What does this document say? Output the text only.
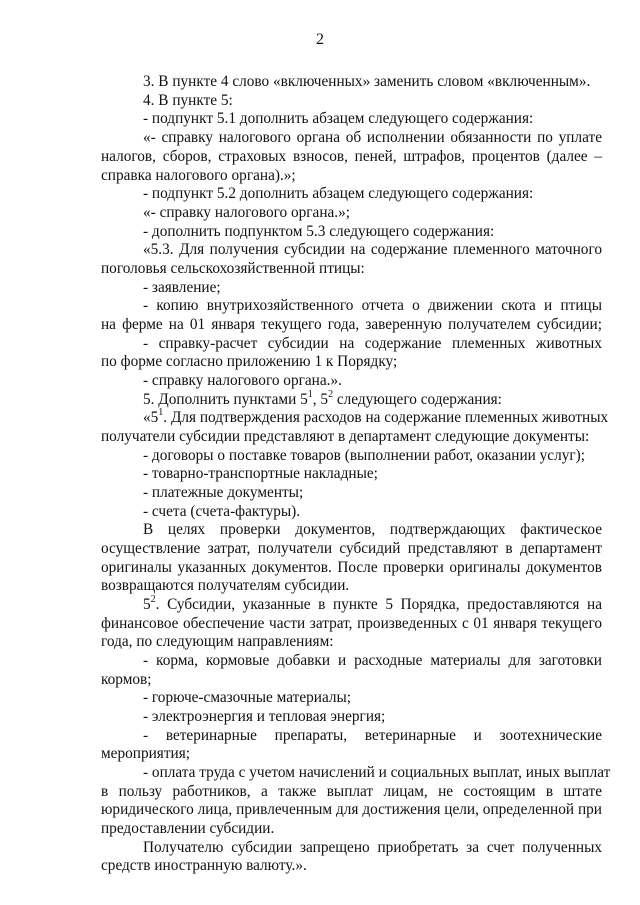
2
3. В пункте 4 слово «включенных» заменить словом «включенным».
4. В пункте 5:
- подпункт 5.1 дополнить абзацем следующего содержания:
«- справку налогового органа об исполнении обязанности по уплате
налогов, сборов, страховых взносов, пеней, штрафов, процентов (далее –
справка налогового органа).»;
- подпункт 5.2 дополнить абзацем следующего содержания:
«- справку налогового органа.»;
- дополнить подпунктом 5.3 следующего содержания:
«5.3. Для получения субсидии на содержание племенного маточного
поголовья сельскохозяйственной птицы:
- заявление;
- копию внутрихозяйственного отчета о движении скота и птицы
на ферме на 01 января текущего года, заверенную получателем субсидии;
- справку-расчет субсидии на содержание племенных животных
по форме согласно приложению 1 к Порядку;
- справку налогового органа.».
5. Дополнить пунктами $5^1$, $5^2$ следующего содержания:
«$5^1$. Для подтверждения расходов на содержание племенных животных
получатели субсидии представляют в департамент следующие документы:
- договоры о поставке товаров (выполнении работ, оказании услуг);
- товарно-транспортные накладные;
- платежные документы;
- счета (счета-фактуры).
В целях проверки документов, подтверждающих фактическое
осуществление затрат, получатели субсидий представляют в департамент
оригиналы указанных документов. После проверки оригиналы документов
возвращаются получателям субсидии.
$5^2$. Субсидии, указанные в пункте 5 Порядка, предоставляются на
финансовое обеспечение части затрат, произведенных с 01 января текущего
года, по следующим направлениям:
- корма, кормовые добавки и расходные материалы для заготовки
кормов;
- горюче-смазочные материалы;
- электроэнергия и тепловая энергия;
- ветеринарные препараты, ветеринарные и зоотехнические
мероприятия;
- оплата труда с учетом начислений и социальных выплат, иных выплат
в пользу работников, а также выплат лицам, не состоящим в штате
юридического лица, привлеченным для достижения цели, определенной при
предоставлении субсидии.
Получателю субсидии запрещено приобретать за счет полученных
средств иностранную валюту.».
